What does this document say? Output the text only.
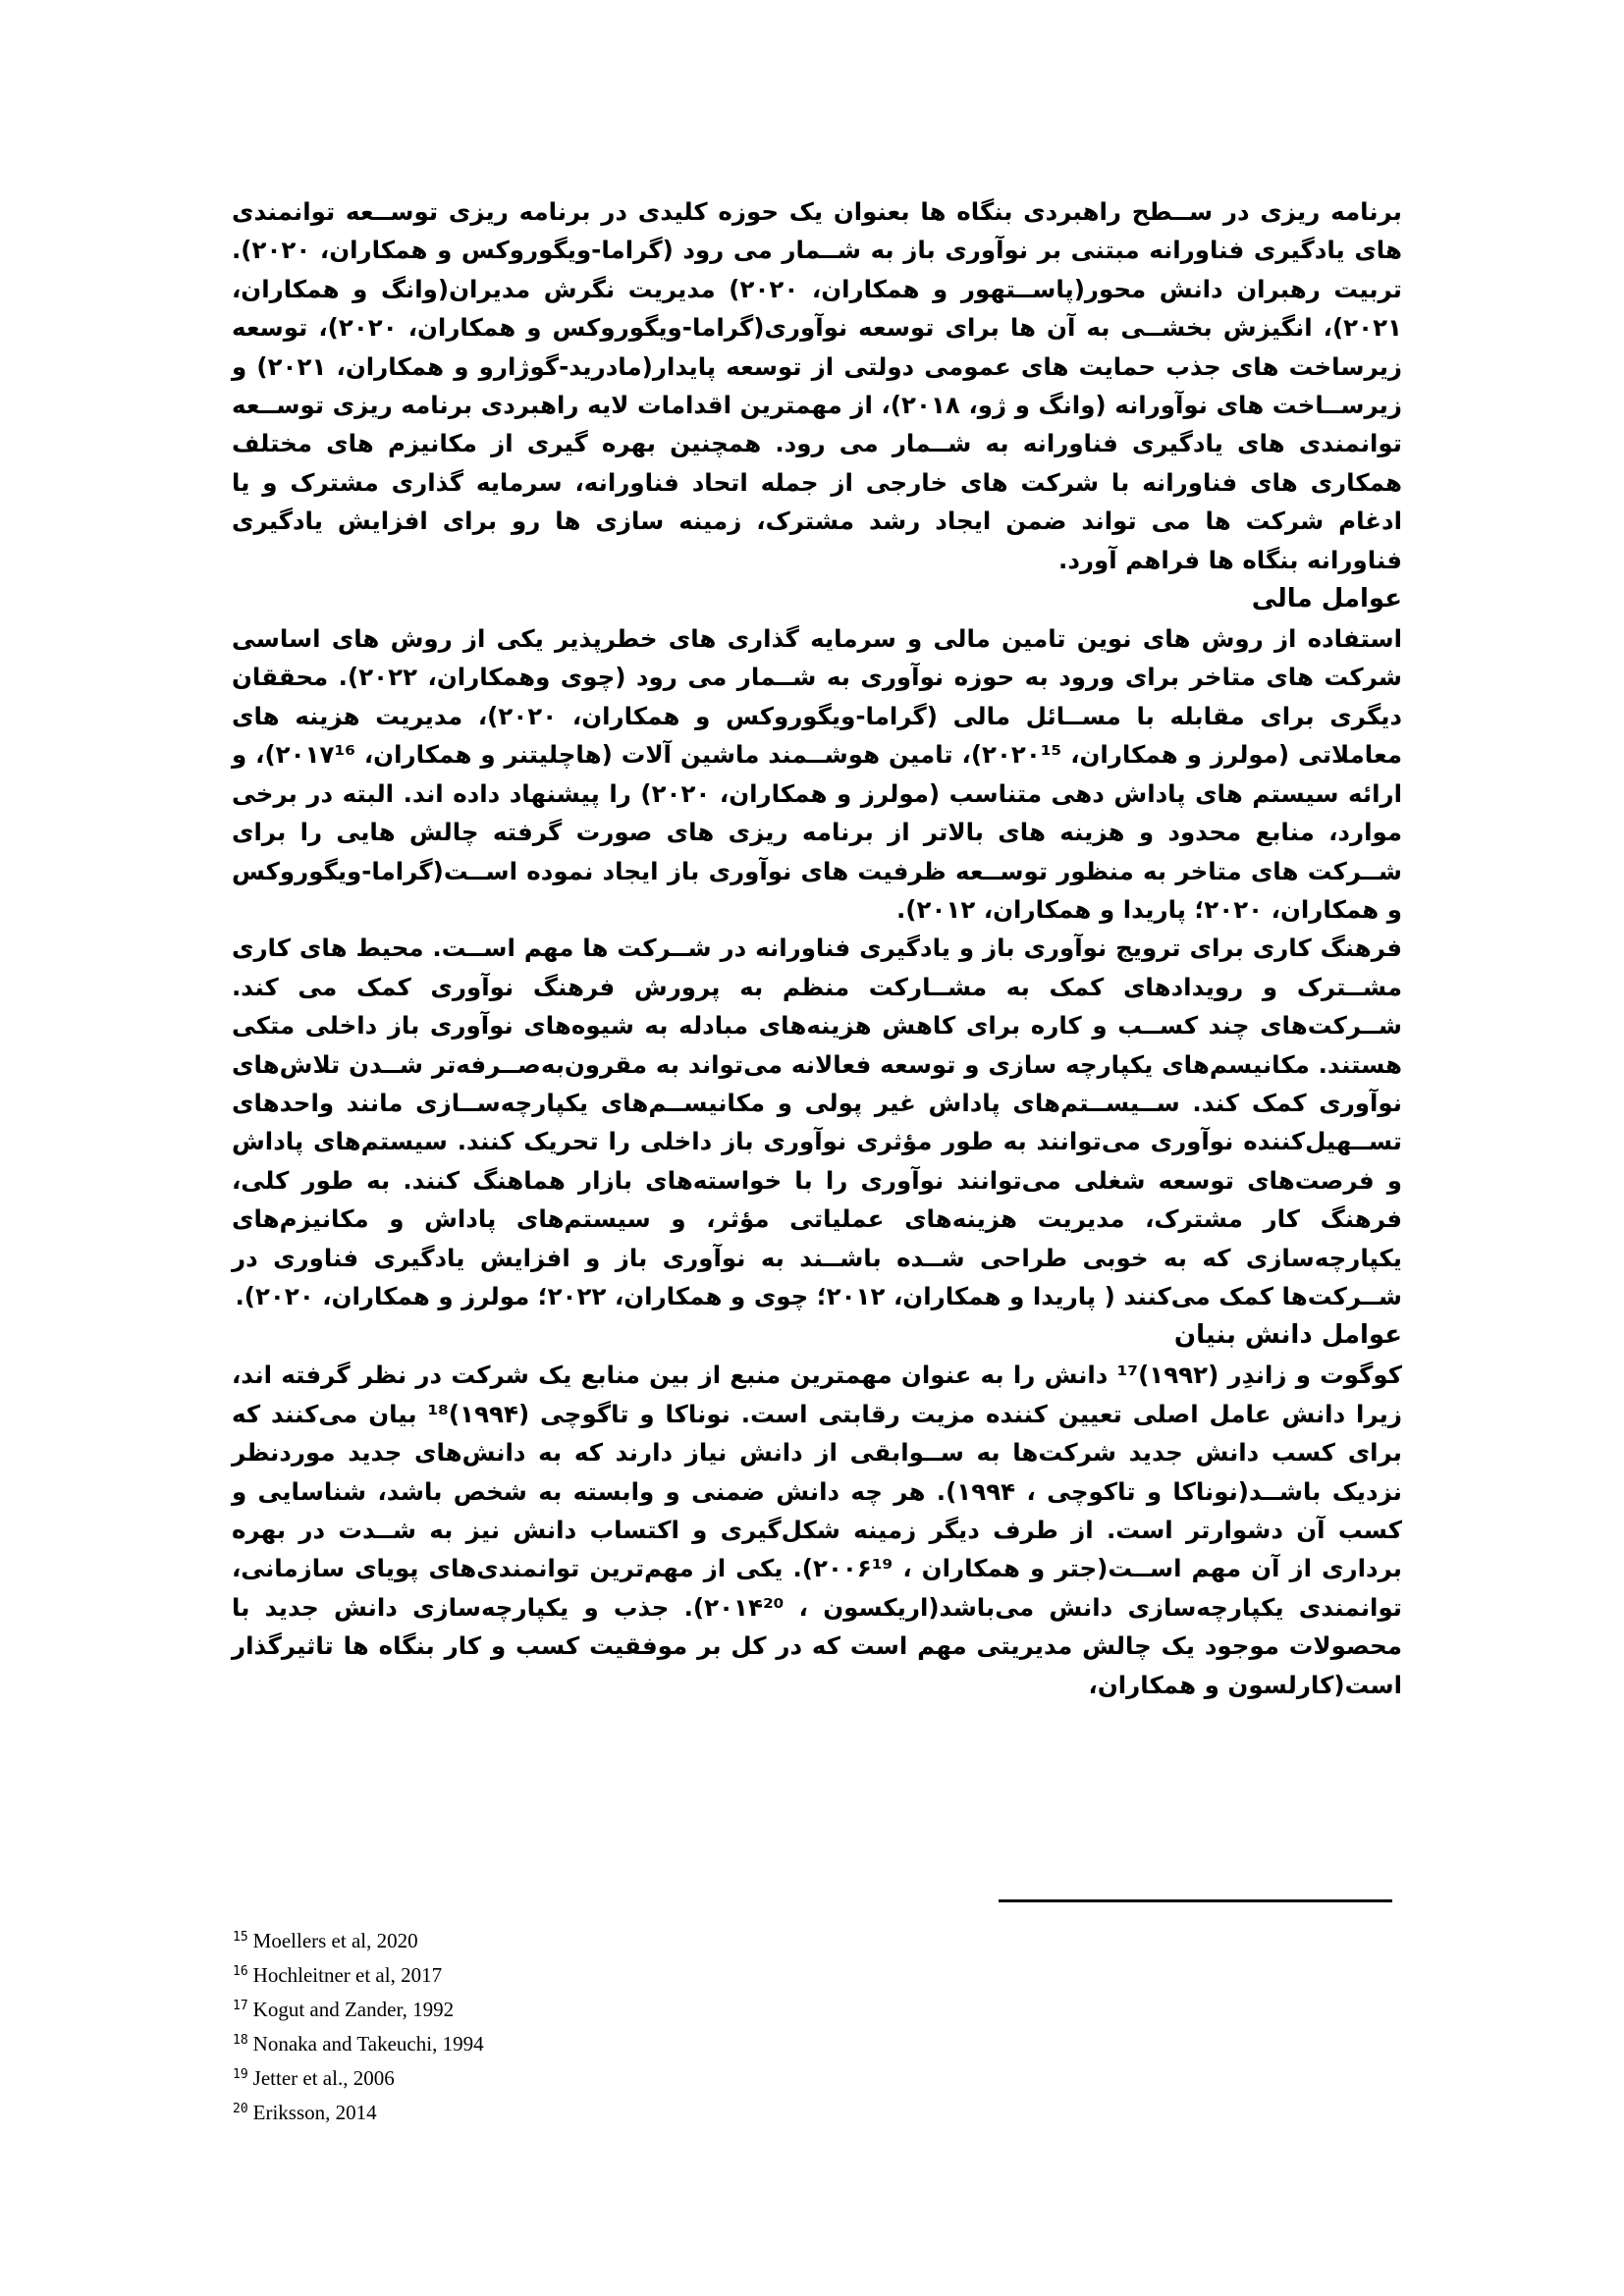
برنامه ریزی در ســطح راهبردی بنگاه ها بعنوان یک حوزه کلیدی در برنامه ریزی توســعه توانمندی های یادگیری فناورانه مبتنی بر نوآوری باز به شــمار می رود (گراما-ویگوروکس و همکاران، ۲۰۲۰). تربیت رهبران دانش محور(پاســتهور و همکاران، ۲۰۲۰) مدیریت نگرش مدیران(وانگ و همکاران، ۲۰۲۱)، انگیزش بخشــی به آن ها برای توسعه نوآوری(گراما-ویگوروکس و همکاران، ۲۰۲۰)، توسعه زیرساخت های جذب حمایت های عمومی دولتی از توسعه پایدار(مادرید-گوژارو و همکاران، ۲۰۲۱) و زیرســاخت های نوآورانه (وانگ و ژو، ۲۰۱۸)، از مهمترین اقدامات لایه راهبردی برنامه ریزی توســعه توانمندی های یادگیری فناورانه به شــمار می رود. همچنین بهره گیری از مکانیزم های مختلف همکاری های فناورانه با شرکت های خارجی از جمله اتحاد فناورانه، سرمایه گذاری مشترک و یا ادغام شرکت ها می تواند ضمن ایجاد رشد مشترک، زمینه سازی ها رو برای افزایش یادگیری فناورانه بنگاه ها فراهم آورد.

عوامل مالی

استفاده از روش های نوین تامین مالی و سرمایه گذاری های خطرپذیر یکی از روش های اساسی شرکت های متاخر برای ورود به حوزه نوآوری به شــمار می رود (چوی وهمکاران، ۲۰۲۲). محققان دیگری برای مقابله با مســائل مالی (گراما-ویگوروکس و همکاران، ۲۰۲۰)، مدیریت هزینه های معاملاتی (مولرز و همکاران، ۲۰۲۰¹⁵)، تامین هوشــمند ماشین آلات (هاچلیتنر و همکاران، ۲۰۱۷¹⁶)، و ارائه سیستم های پاداش دهی متناسب (مولرز و همکاران، ۲۰۲۰) را پیشنهاد داده اند. البته در برخی موارد، منابع محدود و هزینه های بالاتر از برنامه ریزی های صورت گرفته چالش هایی را برای شــرکت های متاخر به منظور توســعه ظرفیت های نوآوری باز ایجاد نموده اســت(گراما-ویگوروکس و همکاران، ۲۰۲۰؛ پاریدا و همکاران، ۲۰۱۲).

فرهنگ کاری برای ترویج نوآوری باز و یادگیری فناورانه در شــرکت ها مهم اســت. محیط های کاری مشــترک و رویدادهای کمک به مشــارکت منظم به پرورش فرهنگ نوآوری کمک می کند. شــرکت‌های چند کســب و کاره برای کاهش هزینه‌های مبادله به شیوه‌های نوآوری باز داخلی متکی هستند. مکانیسم‌های یکپارچه سازی و توسعه فعالانه می‌تواند به مقرون‌به‌صــرفه‌تر شــدن تلاش‌های نوآوری کمک کند. ســیســتم‌های پاداش غیر پولی و مکانیســم‌های یکپارچه‌ســازی مانند واحدهای تســهیل‌کننده نوآوری می‌توانند به طور مؤثری نوآوری باز داخلی را تحریک کنند. سیستم‌های پاداش و فرصت‌های توسعه شغلی می‌توانند نوآوری را با خواسته‌های بازار هماهنگ کنند. به طور کلی، فرهنگ کار مشترک، مدیریت هزینه‌های عملیاتی مؤثر، و سیستم‌های پاداش و مکانیزم‌های یکپارچه‌سازی که به خوبی طراحی شــده باشــند به نوآوری باز و افزایش یادگیری فناوری در شــرکت‌ها کمک می‌کنند ( پاریدا و همکاران، ۲۰۱۲؛ چوی و همکاران، ۲۰۲۲؛ مولرز و همکاران، ۲۰۲۰).

عوامل دانش بنیان

کوگوت و زاندِر (۱۹۹۲)¹⁷ دانش را به عنوان مهمترین منبع از بین منابع یک شرکت در نظر گرفته اند، زیرا دانش عامل اصلی تعیین کننده مزیت رقابتی است. نوناکا و تاگوچی (۱۹۹۴)¹⁸ بیان می‌کنند که برای کسب دانش جدید شرکت‌ها به ســوابقی از دانش نیاز دارند که به دانش‌های جدید موردنظر نزدیک باشــد(نوناکا و تاکوچی ، ۱۹۹۴). هر چه دانش ضمنی و وابسته به شخص باشد، شناسایی و کسب آن دشوارتر است. از طرف دیگر زمینه شکل‌گیری و اکتساب دانش نیز به شــدت در بهره برداری از آن مهم اســت(جتر و همکاران ، ۲۰۰۶¹⁹). یکی از مهم‌ترین توانمندی‌های پویای سازمانی، توانمندی یکپارچه‌سازی دانش می‌باشد(اریکسون ، ۲۰۱۴²⁰). جذب و یکپارچه‌سازی دانش جدید با محصولات موجود یک چالش مدیریتی مهم است که در کل بر موفقیت کسب و کار بنگاه ها تاثیرگذار است(کارلسون و همکاران،

$^{15}$ Moellers et al, 2020
$^{16}$ Hochleitner et al, 2017
$^{17}$ Kogut and Zander, 1992
$^{18}$ Nonaka and Takeuchi, 1994
$^{19}$ Jetter et al., 2006
$^{20}$ Eriksson, 2014
